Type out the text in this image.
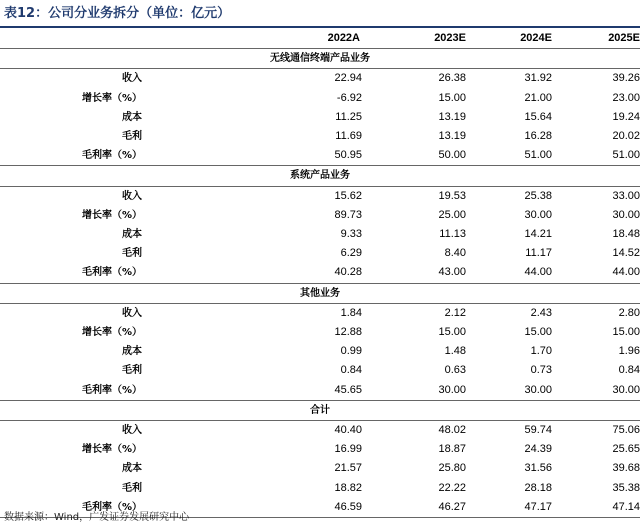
表12：公司分业务拆分（单位：亿元）
	2022A	2023E	2024E	2025E
无线通信终端产品业务				
收入	22.94	26.38	31.92	39.26
增长率（%）	-6.92	15.00	21.00	23.00
成本	11.25	13.19	15.64	19.24
毛利	11.69	13.19	16.28	20.02
毛利率（%）	50.95	50.00	51.00	51.00
系统产品业务				
收入	15.62	19.53	25.38	33.00
增长率（%）	89.73	25.00	30.00	30.00
成本	9.33	11.13	14.21	18.48
毛利	6.29	8.40	11.17	14.52
毛利率（%）	40.28	43.00	44.00	44.00
其他业务				
收入	1.84	2.12	2.43	2.80
增长率（%）	12.88	15.00	15.00	15.00
成本	0.99	1.48	1.70	1.96
毛利	0.84	0.63	0.73	0.84
毛利率（%）	45.65	30.00	30.00	30.00
合计				
收入	40.40	48.02	59.74	75.06
增长率（%）	16.99	18.87	24.39	25.65
成本	21.57	25.80	31.56	39.68
毛利	18.82	22.22	28.18	35.38
毛利率（%）	46.59	46.27	47.17	47.14
数据来源：Wind，广发证券发展研究中心
